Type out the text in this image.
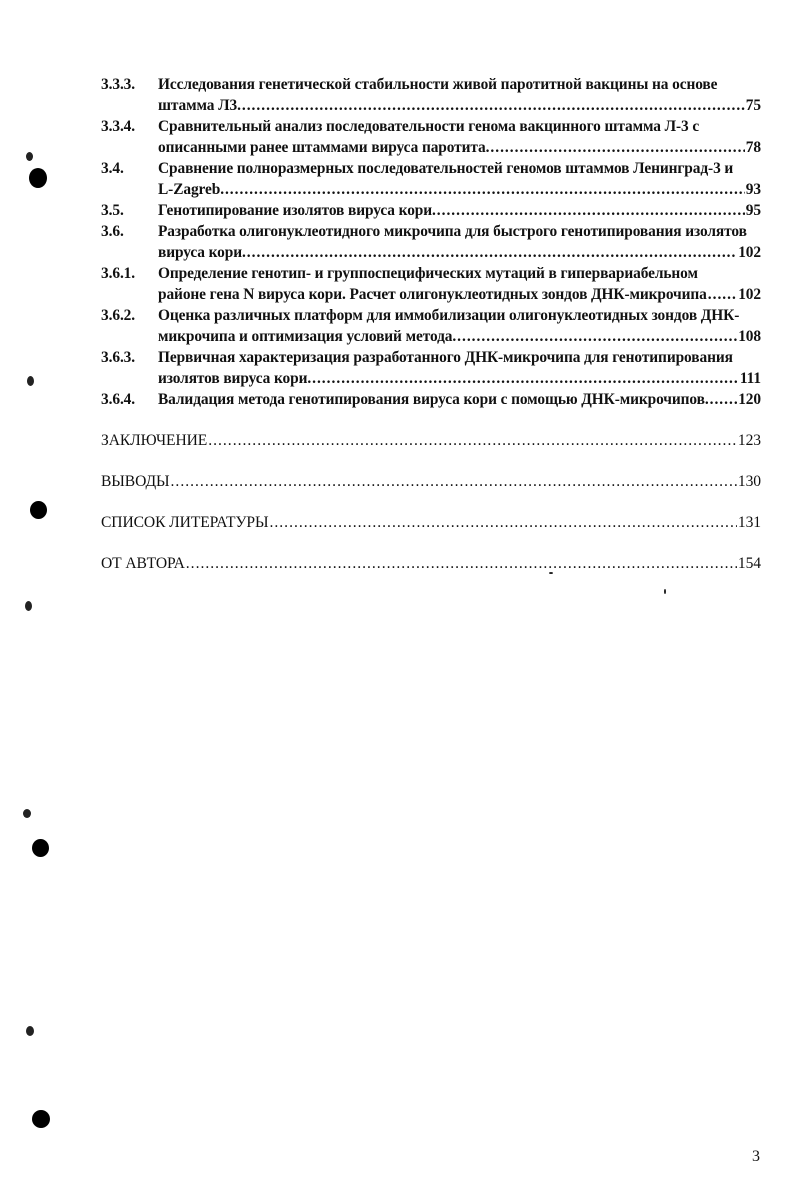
3.3.3.	Исследования генетической стабильности живой паротитной вакцины на основе
штамма Л3. .....	75
3.3.4.	Сравнительный анализ последовательности генома вакцинного штамма Л-3 с
описанными ранее штаммами вируса паротита. .....	78
3.4.	Сравнение полноразмерных последовательностей геномов штаммов Ленинград-3 и
L-Zagreb. .....	93
3.5.	Генотипирование изолятов вируса кори. .....	95
3.6.	Разработка олигонуклеотидного микрочипа для быстрого генотипирования изолятов
вируса кори. .....	102
3.6.1.	Определение генотип- и группоспецифических мутаций в гипервариабельном
районе гена N вируса кори. Расчет олигонуклеотидных зондов ДНК-микрочипа ..... 102
3.6.2.	Оценка различных платформ для иммобилизации олигонуклеотидных зондов ДНК-
микрочипа и оптимизация условий метода. .....	108
3.6.3.	Первичная характеризация разработанного ДНК-микрочипа для генотипирования
изолятов вируса кори. .....	111
3.6.4.	Валидация метода генотипирования вируса кори с помощью ДНК-микрочипов. ..... 120
ЗАКЛЮЧЕНИЕ .....	123
ВЫВОДЫ .....	130
СПИСОК ЛИТЕРАТУРЫ .....	131
ОТ АВТОРА .....	154
3
